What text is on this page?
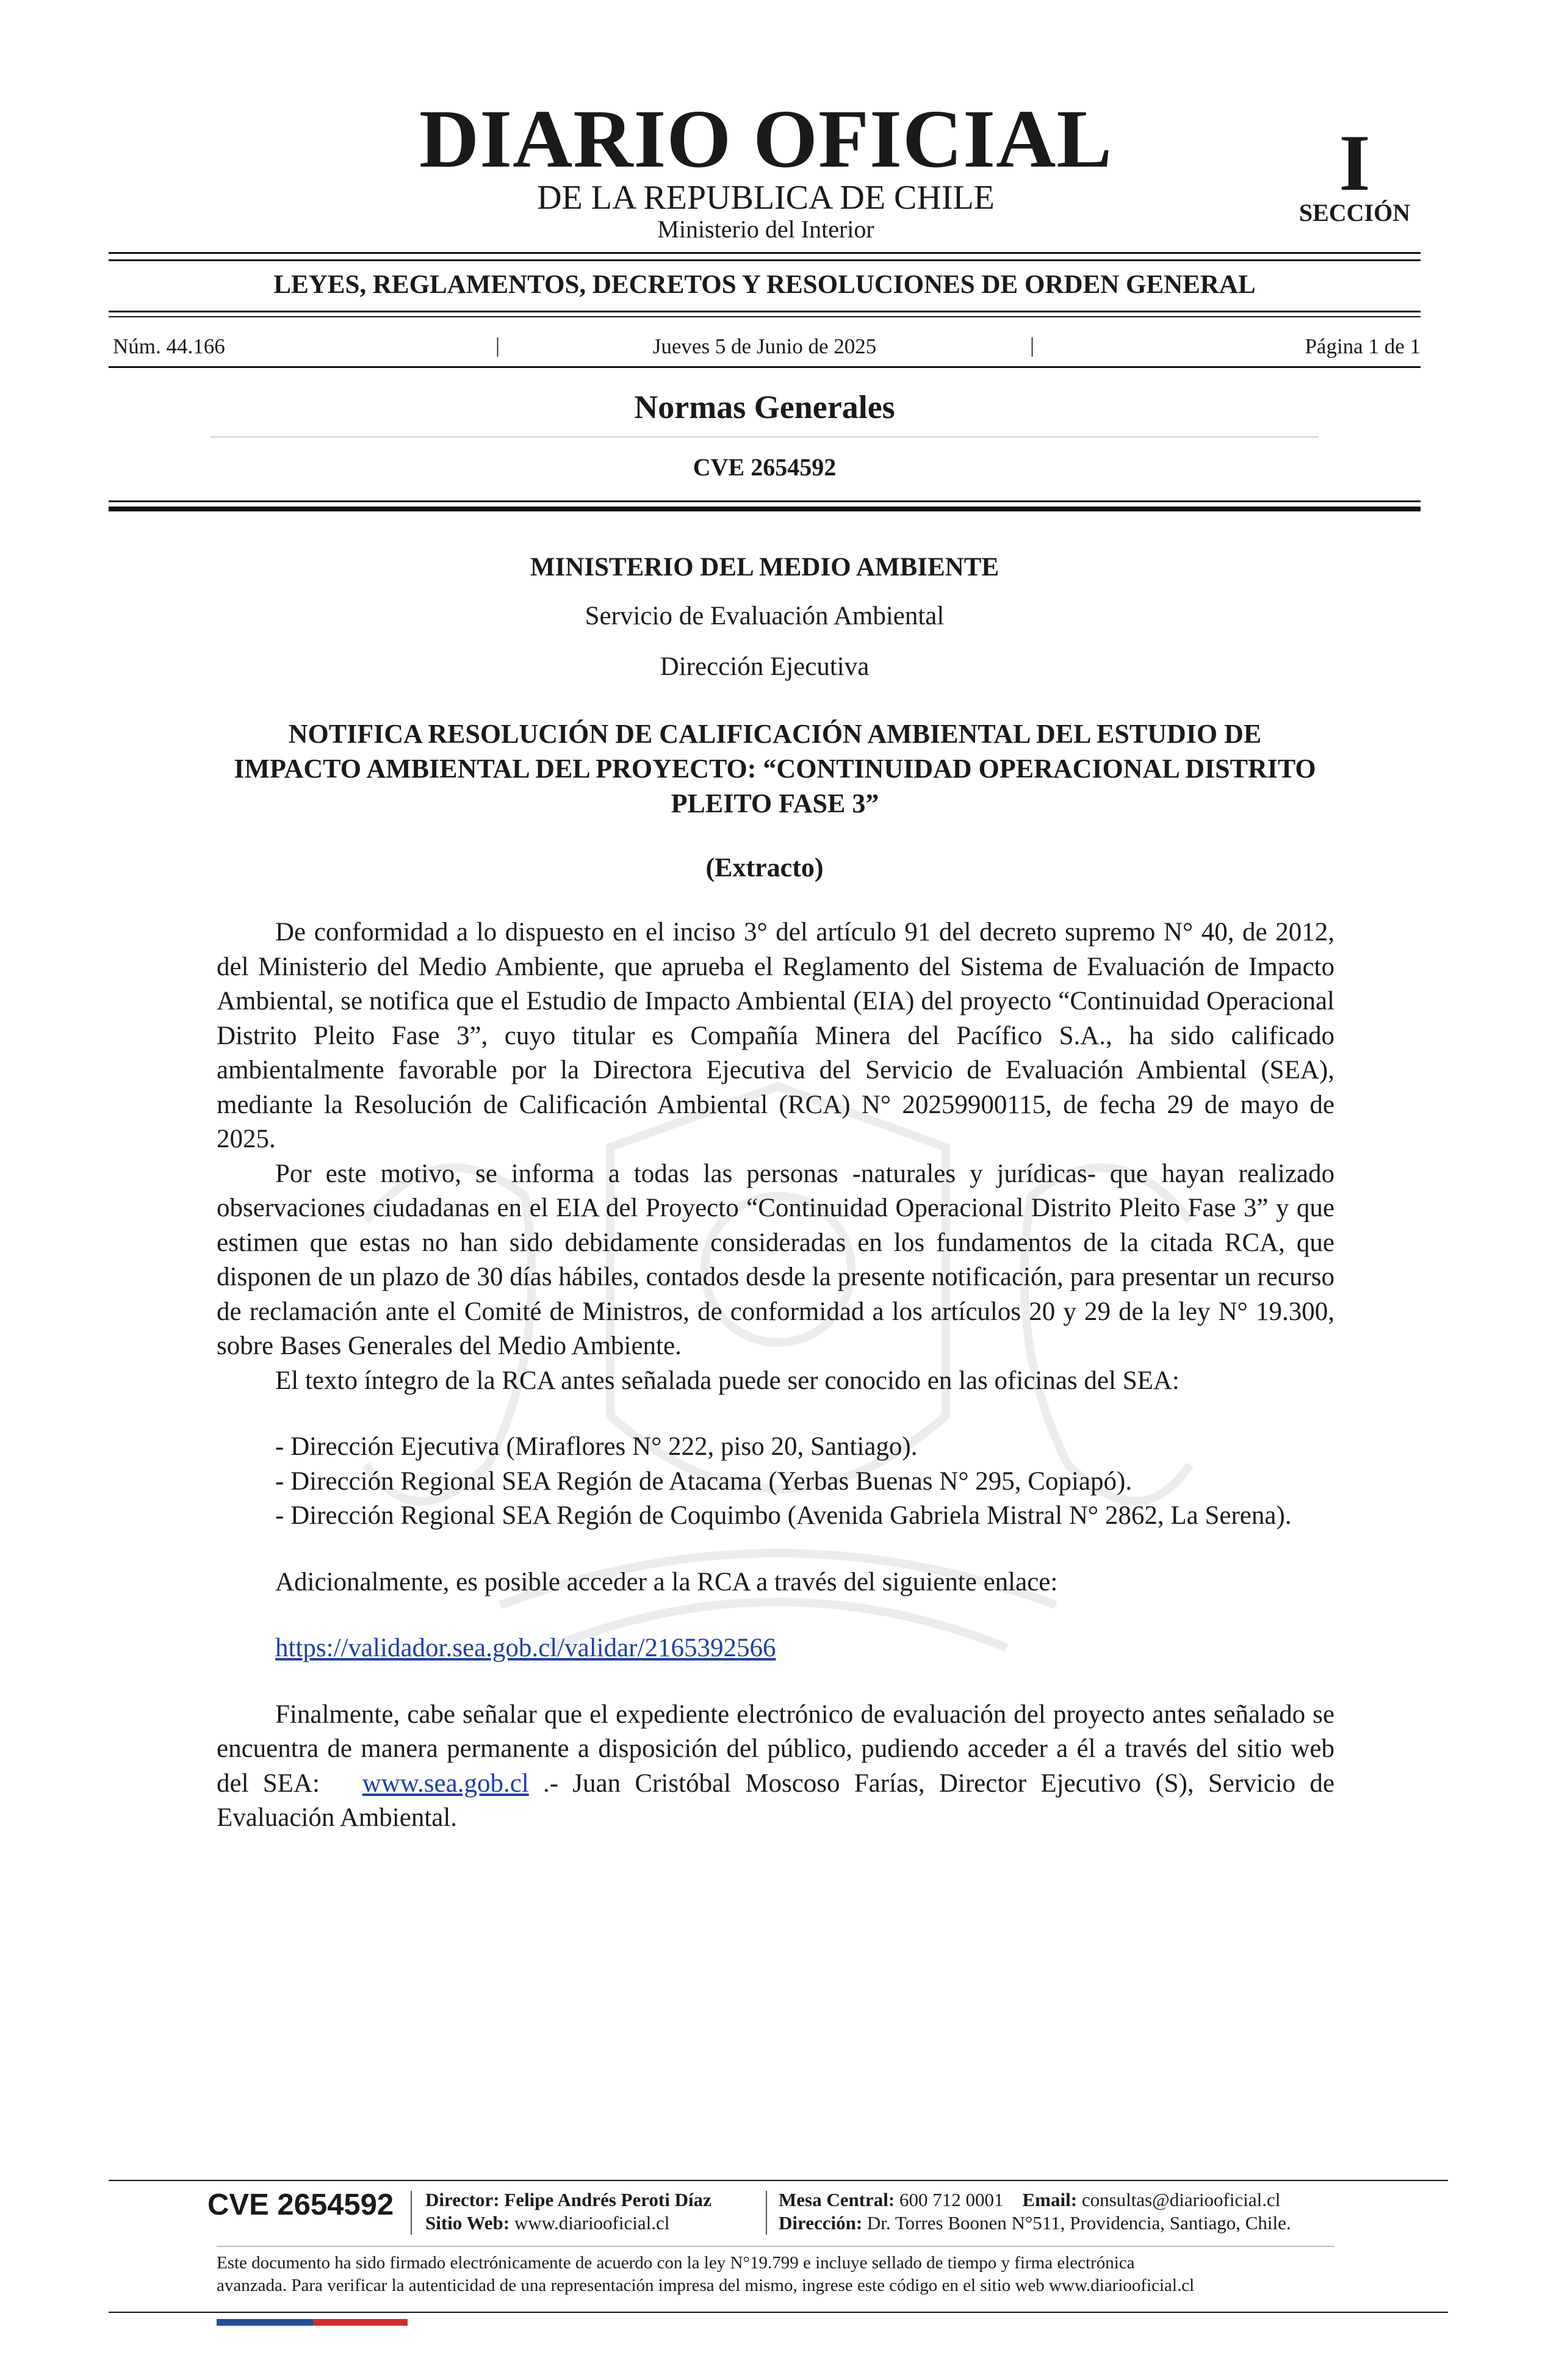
DIARIO OFICIAL
DE LA REPUBLICA DE CHILE
Ministerio del Interior
I
SECCIÓN
LEYES, REGLAMENTOS, DECRETOS Y RESOLUCIONES DE ORDEN GENERAL
Núm. 44.166	|	Jueves 5 de Junio de 2025	|	Página 1 de 1
Normas Generales
CVE 2654592
MINISTERIO DEL MEDIO AMBIENTE
Servicio de Evaluación Ambiental
Dirección Ejecutiva
NOTIFICA RESOLUCIÓN DE CALIFICACIÓN AMBIENTAL DEL ESTUDIO DE IMPACTO AMBIENTAL DEL PROYECTO: “CONTINUIDAD OPERACIONAL DISTRITO PLEITO FASE 3”
(Extracto)

De conformidad a lo dispuesto en el inciso 3° del artículo 91 del decreto supremo N° 40, de 2012, del Ministerio del Medio Ambiente, que aprueba el Reglamento del Sistema de Evaluación de Impacto Ambiental, se notifica que el Estudio de Impacto Ambiental (EIA) del proyecto “Continuidad Operacional Distrito Pleito Fase 3”, cuyo titular es Compañía Minera del Pacífico S.A., ha sido calificado ambientalmente favorable por la Directora Ejecutiva del Servicio de Evaluación Ambiental (SEA), mediante la Resolución de Calificación Ambiental (RCA) N° 20259900115, de fecha 29 de mayo de 2025.

Por este motivo, se informa a todas las personas -naturales y jurídicas- que hayan realizado observaciones ciudadanas en el EIA del Proyecto “Continuidad Operacional Distrito Pleito Fase 3” y que estimen que estas no han sido debidamente consideradas en los fundamentos de la citada RCA, que disponen de un plazo de 30 días hábiles, contados desde la presente notificación, para presentar un recurso de reclamación ante el Comité de Ministros, de conformidad a los artículos 20 y 29 de la ley N° 19.300, sobre Bases Generales del Medio Ambiente.

El texto íntegro de la RCA antes señalada puede ser conocido en las oficinas del SEA:

- Dirección Ejecutiva (Miraflores N° 222, piso 20, Santiago).

- Dirección Regional SEA Región de Atacama (Yerbas Buenas N° 295, Copiapó).

- Dirección Regional SEA Región de Coquimbo (Avenida Gabriela Mistral N° 2862, La Serena).

Adicionalmente, es posible acceder a la RCA a través del siguiente enlace:

https://validador.sea.gob.cl/validar/2165392566

Finalmente, cabe señalar que el expediente electrónico de evaluación del proyecto antes señalado se encuentra de manera permanente a disposición del público, pudiendo acceder a él a través del sitio web del SEA: www.sea.gob.cl .- Juan Cristóbal Moscoso Farías, Director Ejecutivo (S), Servicio de Evaluación Ambiental.

CVE 2654592 Director: Felipe Andrés Peroti Díaz
Sitio Web: www.diariooficial.cl
Mesa Central: 600 712 0001 Email: consultas@diariooficial.cl
Dirección: Dr. Torres Boonen N°511, Providencia, Santiago, Chile.
Este documento ha sido firmado electrónicamente de acuerdo con la ley N°19.799 e incluye sellado de tiempo y firma electrónica
avanzada. Para verificar la autenticidad de una representación impresa del mismo, ingrese este código en el sitio web www.diariooficial.cl
